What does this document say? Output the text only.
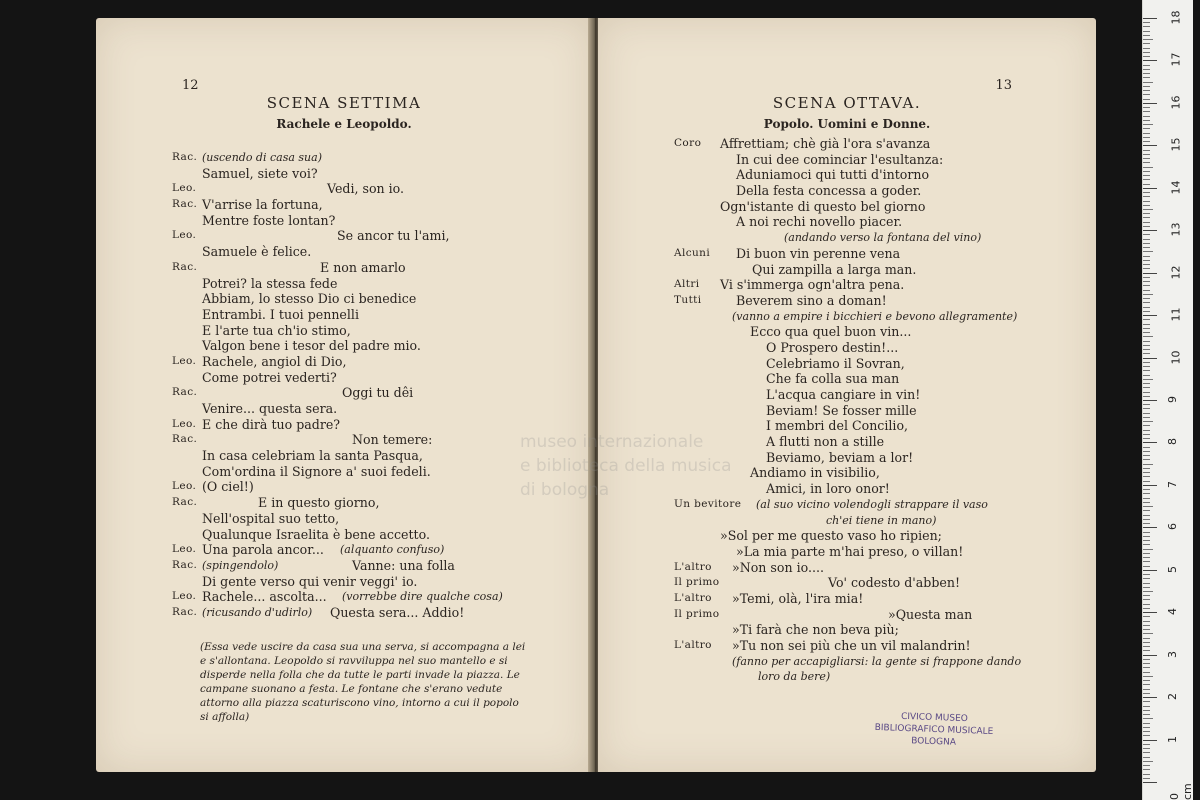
12
SCENA SETTIMA
Rachele e Leopoldo.
Rac. (uscendo di casa sua)
Samuel, siete voi?
Leo.	Vedi, son io.
Rac. V'arrise la fortuna,
Mentre foste lontan?
Leo.	Se ancor tu l'ami,
Samuele è felice.
Rac.	E non amarlo
Potrei? la stessa fede
Abbiam, lo stesso Dio ci benedice
Entrambi. I tuoi pennelli
E l'arte tua ch'io stimo,
Valgon bene i tesor del padre mio.
Leo. Rachele, angiol di Dio,
Come potrei vederti?
Rac.	Oggi tu dêi
Venire... questa sera.
Leo. E che dirà tuo padre?
Rac.	Non temere:
In casa celebriam la santa Pasqua,
Com'ordina il Signore a' suoi fedeli.
Leo. (O ciel!)
Rac.	E in questo giorno,
Nell'ospital suo tetto,
Qualunque Israelita è bene accetto.
Leo. Una parola ancor... (alquanto confuso)
Rac. (spingendolo)	Vanne: una folla
Di gente verso qui venir veggi' io.
Leo. Rachele... ascolta... (vorrebbe dire qualche cosa)
Rac. (ricusando d'udirlo) Questa sera... Addio!
(Essa vede uscire da casa sua una serva, si accompagna a lei e s'allontana. Leopoldo si ravviluppa nel suo mantello e si disperde nella folla che da tutte le parti invade la piazza. Le campane suonano a festa. Le fontane che s'erano vedute attorno alla piazza scaturiscono vino, intorno a cui il popolo si affolla)
13
SCENA OTTAVA.
Popolo. Uomini e Donne.
Coro Affrettiam; chè già l'ora s'avanza
In cui dee cominciar l'esultanza:
Aduniamoci qui tutti d'intorno
Della festa concessa a goder.
Ogn'istante di questo bel giorno
A noi rechi novello piacer.
(andando verso la fontana del vino)
Alcuni Di buon vin perenne vena
Qui zampilla a larga man.
Altri Vi s'immerga ogn'altra pena.
Tutti	Beverem sino a doman!
(vanno a empire i bicchieri e bevono allegramente)
Ecco qua quel buon vin...
O Prospero destin!...
Celebriamo il Sovran,
Che fa colla sua man
L'acqua cangiare in vin!
Beviam! Se fosser mille
I membri del Concilio,
A flutti non a stille
Beviamo, beviam a lor!
Andiamo in visibilio,
Amici, in loro onor!
Un bevitore (al suo vicino volendogli strappare il vaso
ch'ei tiene in mano)
»Sol per me questo vaso ho ripien;
»La mia parte m'hai preso, o villan!
L'altro »Non son io....
Il primo	Vo' codesto d'abben!
L'altro »Temi, olà, l'ira mia!
Il primo	»Questa man
»Ti farà che non beva più;
L'altro »Tu non sei più che un vil malandrin!
(fanno per accapigliarsi: la gente si frappone dando
loro da bere)
CIVICO MUSEO
BIBLIOGRAFICO MUSICALE
BOLOGNA
museo internazionale
e biblioteca della musica
di bologna
18
17
16
15
14
13
12
11
10
9
8
7
6
5
4
3
2
1
0 cm
